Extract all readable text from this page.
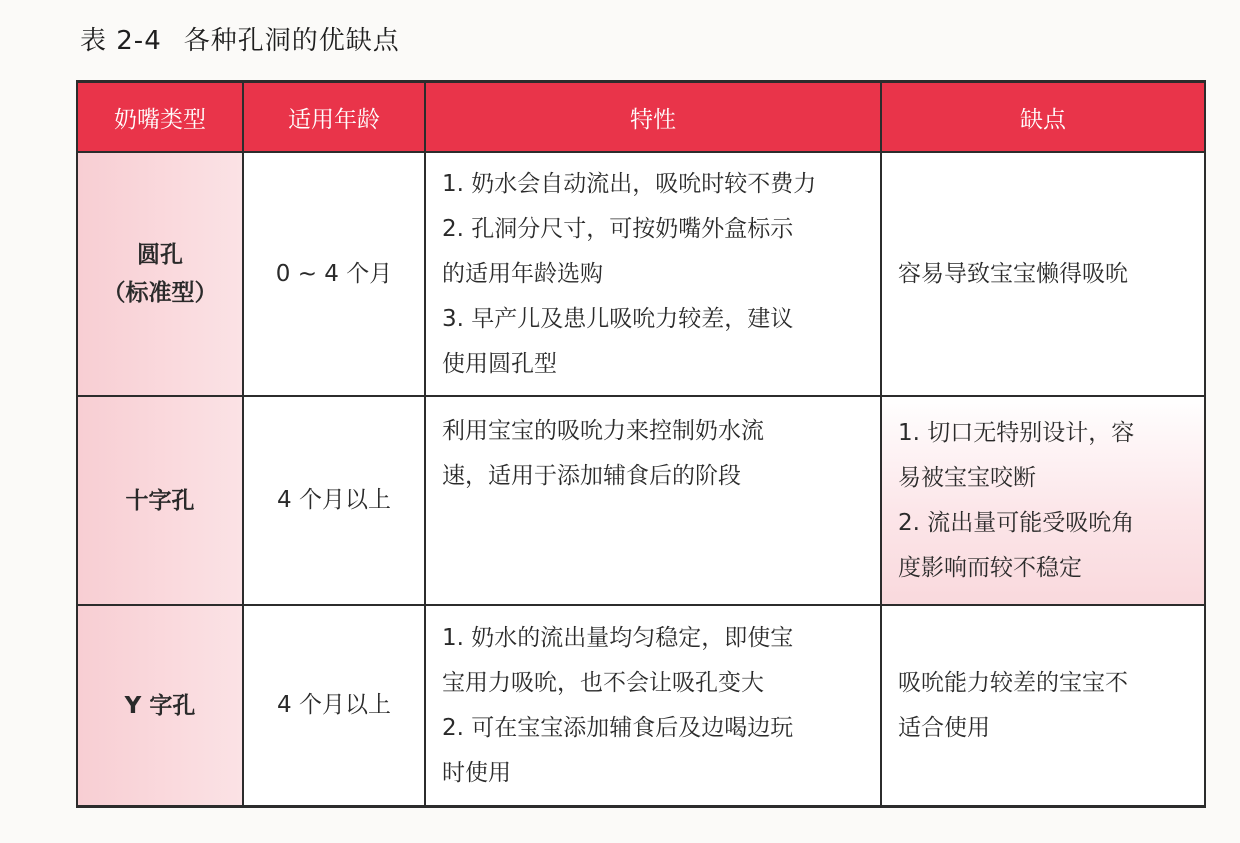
表 2-4 各种孔洞的优缺点
奶嘴类型	适用年龄	特性	缺点

圆孔
（标准型）	0 ~ 4 个月	1. 奶水会自动流出，吸吮时较不费力
2. 孔洞分尺寸，可按奶嘴外盒标示
的适用年龄选购
3. 早产儿及患儿吸吮力较差，建议
使用圆孔型	容易导致宝宝懒得吸吮

十字孔	4 个月以上	利用宝宝的吸吮力来控制奶水流
速，适用于添加辅食后的阶段	1. 切口无特别设计，容
易被宝宝咬断
2. 流出量可能受吸吮角
度影响而较不稳定

Y 字孔	4 个月以上	1. 奶水的流出量均匀稳定，即使宝
宝用力吸吮，也不会让吸孔变大
2. 可在宝宝添加辅食后及边喝边玩
时使用	吸吮能力较差的宝宝不
适合使用
